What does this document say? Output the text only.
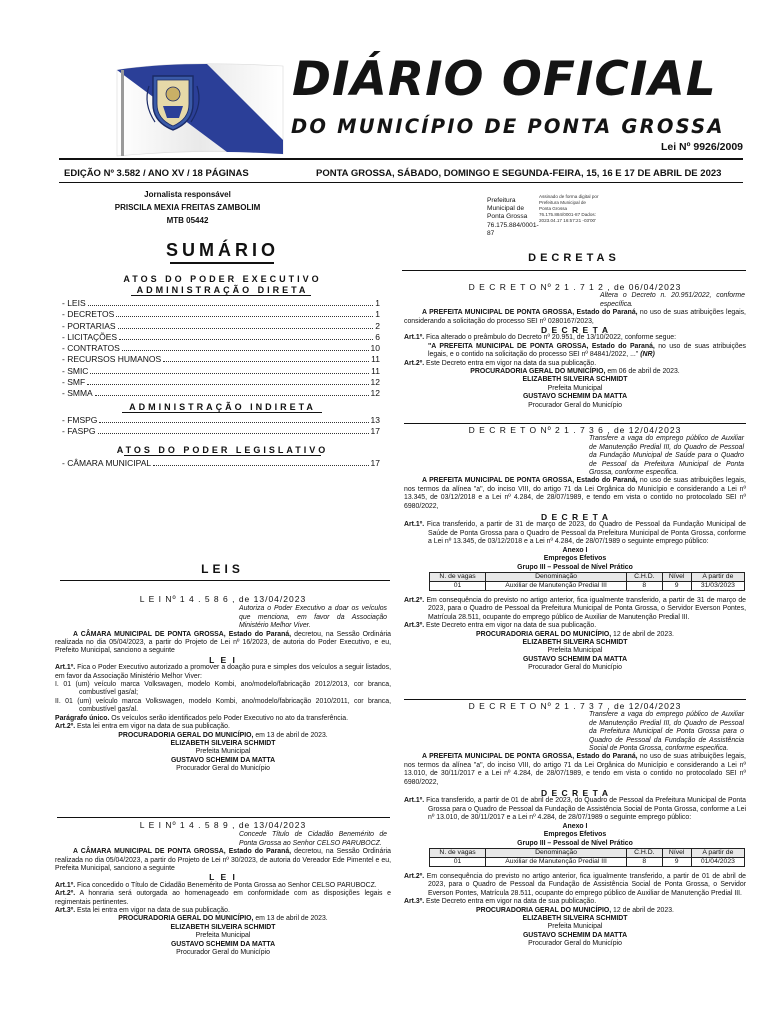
DIÁRIO OFICIAL
DO MUNICÍPIO DE PONTA GROSSA
Lei Nº 9926/2009
EDIÇÃO Nº 3.582 / ANO XV / 18 PÁGINAS	PONTA GROSSA, SÁBADO, DOMINGO E SEGUNDA-FEIRA, 15, 16 E 17 DE ABRIL DE 2023
Jornalista responsável
PRISCILA MEXIA FREITAS ZAMBOLIM
MTB 05442
Prefeitura Municipal de Ponta Grossa 76.175.884/0001-87
Assinado de forma digital por Prefeitura Municipal de Ponta Grossa 76.175.884/0001-87 Dados: 2023.04.17 16:57:21 -03'00'
SUMÁRIO
ATOS DO PODER EXECUTIVO
ADMINISTRAÇÃO DIRETA
- LEIS	1
- DECRETOS	1
- PORTARIAS	2
- LICITAÇÕES	6
- CONTRATOS	10
- RECURSOS HUMANOS	11
- SMIC	11
- SMF	12
- SMMA	12
ADMINISTRAÇÃO INDIRETA
- FMSPG	13
- FASPG	17
ATOS DO PODER LEGISLATIVO
- CÂMARA MUNICIPAL	17
LEIS

L E I Nº 1 4 . 5 8 6 , de 13/04/2023

Autoriza o Poder Executivo a doar os veículos que menciona, em favor da Associação Ministério Melhor Viver.

A CÂMARA MUNICIPAL DE PONTA GROSSA, Estado do Paraná, decretou, na Sessão Ordinária realizada no dia 05/04/2023, a partir do Projeto de Lei nº 16/2023, de autoria do Poder Executivo, e eu, Prefeito Municipal, sanciono a seguinte

L E I

Art.1º. Fica o Poder Executivo autorizado a promover a doação pura e simples dos veículos a seguir listados, em favor da Associação Ministério Melhor Viver:

I. 01 (um) veículo marca Volkswagen, modelo Kombi, ano/modelo/fabricação 2012/2013, cor branca, combustível gas/al;

II. 01 (um) veículo marca Volkswagen, modelo Kombi, ano/modelo/fabricação 2010/2011, cor branca, combustível gas/al.

Parágrafo único. Os veículos serão identificados pelo Poder Executivo no ato da transferência.

Art.2º. Esta lei entra em vigor na data de sua publicação.

PROCURADORIA GERAL DO MUNICÍPIO, em 13 de abril de 2023.

ELIZABETH SILVEIRA SCHMIDT

Prefeita Municipal

GUSTAVO SCHEMIM DA MATTA

Procurador Geral do Município

L E I Nº 1 4 . 5 8 9 , de 13/04/2023

Concede Título de Cidadão Benemérito de Ponta Grossa ao Senhor CELSO PARUBOCZ.

A CÂMARA MUNICIPAL DE PONTA GROSSA, Estado do Paraná, decretou, na Sessão Ordinária realizada no dia 05/04/2023, a partir do Projeto de Lei nº 30/2023, de autoria do Vereador Ede Pimentel e eu, Prefeita Municipal, sanciono a seguinte

L E I

Art.1º. Fica concedido o Título de Cidadão Benemérito de Ponta Grossa ao Senhor CELSO PARUBOCZ.

Art.2º. A honraria será outorgada ao homenageado em conformidade com as disposições legais e regimentais pertinentes.

Art.3º. Esta lei entra em vigor na data de sua publicação.

PROCURADORIA GERAL DO MUNICÍPIO, em 13 de abril de 2023.

ELIZABETH SILVEIRA SCHMIDT

Prefeita Municipal

GUSTAVO SCHEMIM DA MATTA

Procurador Geral do Município

DECRETAS

D E C R E T O Nº 2 1 . 7 1 2 , de 06/04/2023

Altera o Decreto n. 20.951/2022, conforme específica.

A PREFEITA MUNICIPAL DE PONTA GROSSA, Estado do Paraná, no uso de suas atribuições legais, considerando a solicitação do processo SEI nº 0280167/2023,

D E C R E T A

Art.1º. Fica alterado o preâmbulo do Decreto nº 20.951, de 13/10/2022, conforme segue:

"A PREFEITA MUNICIPAL DE PONTA GROSSA, Estado do Paraná, no uso de suas atribuições legais, e o contido na solicitação do processo SEI nº 84841/2022, ..." (NR)

Art.2º. Este Decreto entra em vigor na data da sua publicação.

PROCURADORIA GERAL DO MUNICÍPIO, em 06 de abril de 2023.

ELIZABETH SILVEIRA SCHMIDT

Prefeita Municipal

GUSTAVO SCHEMIM DA MATTA

Procurador Geral do Município

D E C R E T O Nº 2 1 . 7 3 6 , de 12/04/2023

Transfere a vaga do emprego público de Auxiliar de Manutenção Predial III, do Quadro de Pessoal da Fundação Municipal de Saúde para o Quadro de Pessoal da Prefeitura Municipal de Ponta Grossa, conforme especifica.

A PREFEITA MUNICIPAL DE PONTA GROSSA, Estado do Paraná, no uso de suas atribuições legais, nos termos da alínea "a", do inciso VIII, do artigo 71 da Lei Orgânica do Município e considerando a Lei nº 13.345, de 03/12/2018 e a Lei nº 4.284, de 28/07/1989, e tendo em vista o contido no protocolado SEI nº 6980/2022,

D E C R E T A

Art.1º. Fica transferido, a partir de 31 de março de 2023, do Quadro de Pessoal da Fundação Municipal de Saúde de Ponta Grossa para o Quadro de Pessoal da Prefeitura Municipal de Ponta Grossa, conforme a Lei nº 13.345, de 03/12/2018 e a Lei nº 4.284, de 28/07/1989 o seguinte emprego público:

Anexo I

Empregos Efetivos

Grupo III – Pessoal de Nível Prático

N. de vagas	Denominação	C.H.D.	Nível	A partir de
01	Auxiliar de Manutenção Predial III	8	9	31/03/2023

Art.2º. Em consequência do previsto no artigo anterior, fica igualmente transferido, a partir de 31 de março de 2023, para o Quadro de Pessoal da Prefeitura Municipal de Ponta Grossa, o Servidor Everson Pontes, Matrícula 28.511, ocupante do emprego público de Auxiliar de Manutenção Predial III.

Art.3º. Este Decreto entra em vigor na data de sua publicação.

PROCURADORIA GERAL DO MUNICÍPIO, 12 de abril de 2023.

ELIZABETH SILVEIRA SCHMIDT

Prefeita Municipal

GUSTAVO SCHEMIM DA MATTA

Procurador Geral do Município

D E C R E T O Nº 2 1 . 7 3 7 , de 12/04/2023

Transfere a vaga do emprego público de Auxiliar de Manutenção Predial III, do Quadro de Pessoal da Prefeitura Municipal de Ponta Grossa para o Quadro de Pessoal da Fundação de Assistência Social de Ponta Grossa, conforme especifica.

A PREFEITA MUNICIPAL DE PONTA GROSSA, Estado do Paraná, no uso de suas atribuições legais, nos termos da alínea "a", do inciso VIII, do artigo 71 da Lei Orgânica do Município e considerando a Lei nº 13.010, de 30/11/2017 e a Lei nº 4.284, de 28/07/1989, e tendo em vista o contido no protocolado SEI nº 6980/2022,

D E C R E T A

Art.1º. Fica transferido, a partir de 01 de abril de 2023, do Quadro de Pessoal da Prefeitura Municipal de Ponta Grossa para o Quadro de Pessoal da Fundação de Assistência Social de Ponta Grossa, conforme a Lei nº 13.010, de 30/11/2017 e a Lei nº 4.284, de 28/07/1989 o seguinte emprego público:

Anexo I

Empregos Efetivos

Grupo III – Pessoal de Nível Prático

N. de vagas	Denominação	C.H.D.	Nível	A partir de
01	Auxiliar de Manutenção Predial III	8	9	01/04/2023

Art.2º. Em consequência do previsto no artigo anterior, fica igualmente transferido, a partir de 01 de abril de 2023, para o Quadro de Pessoal da Fundação de Assistência Social de Ponta Grossa, o Servidor Everson Pontes, Matrícula 28.511, ocupante do emprego público de Auxiliar de Manutenção Predial III.

Art.3º. Este Decreto entra em vigor na data de sua publicação.

PROCURADORIA GERAL DO MUNICÍPIO, 12 de abril de 2023.

ELIZABETH SILVEIRA SCHMIDT

Prefeita Municipal

GUSTAVO SCHEMIM DA MATTA

Procurador Geral do Município
